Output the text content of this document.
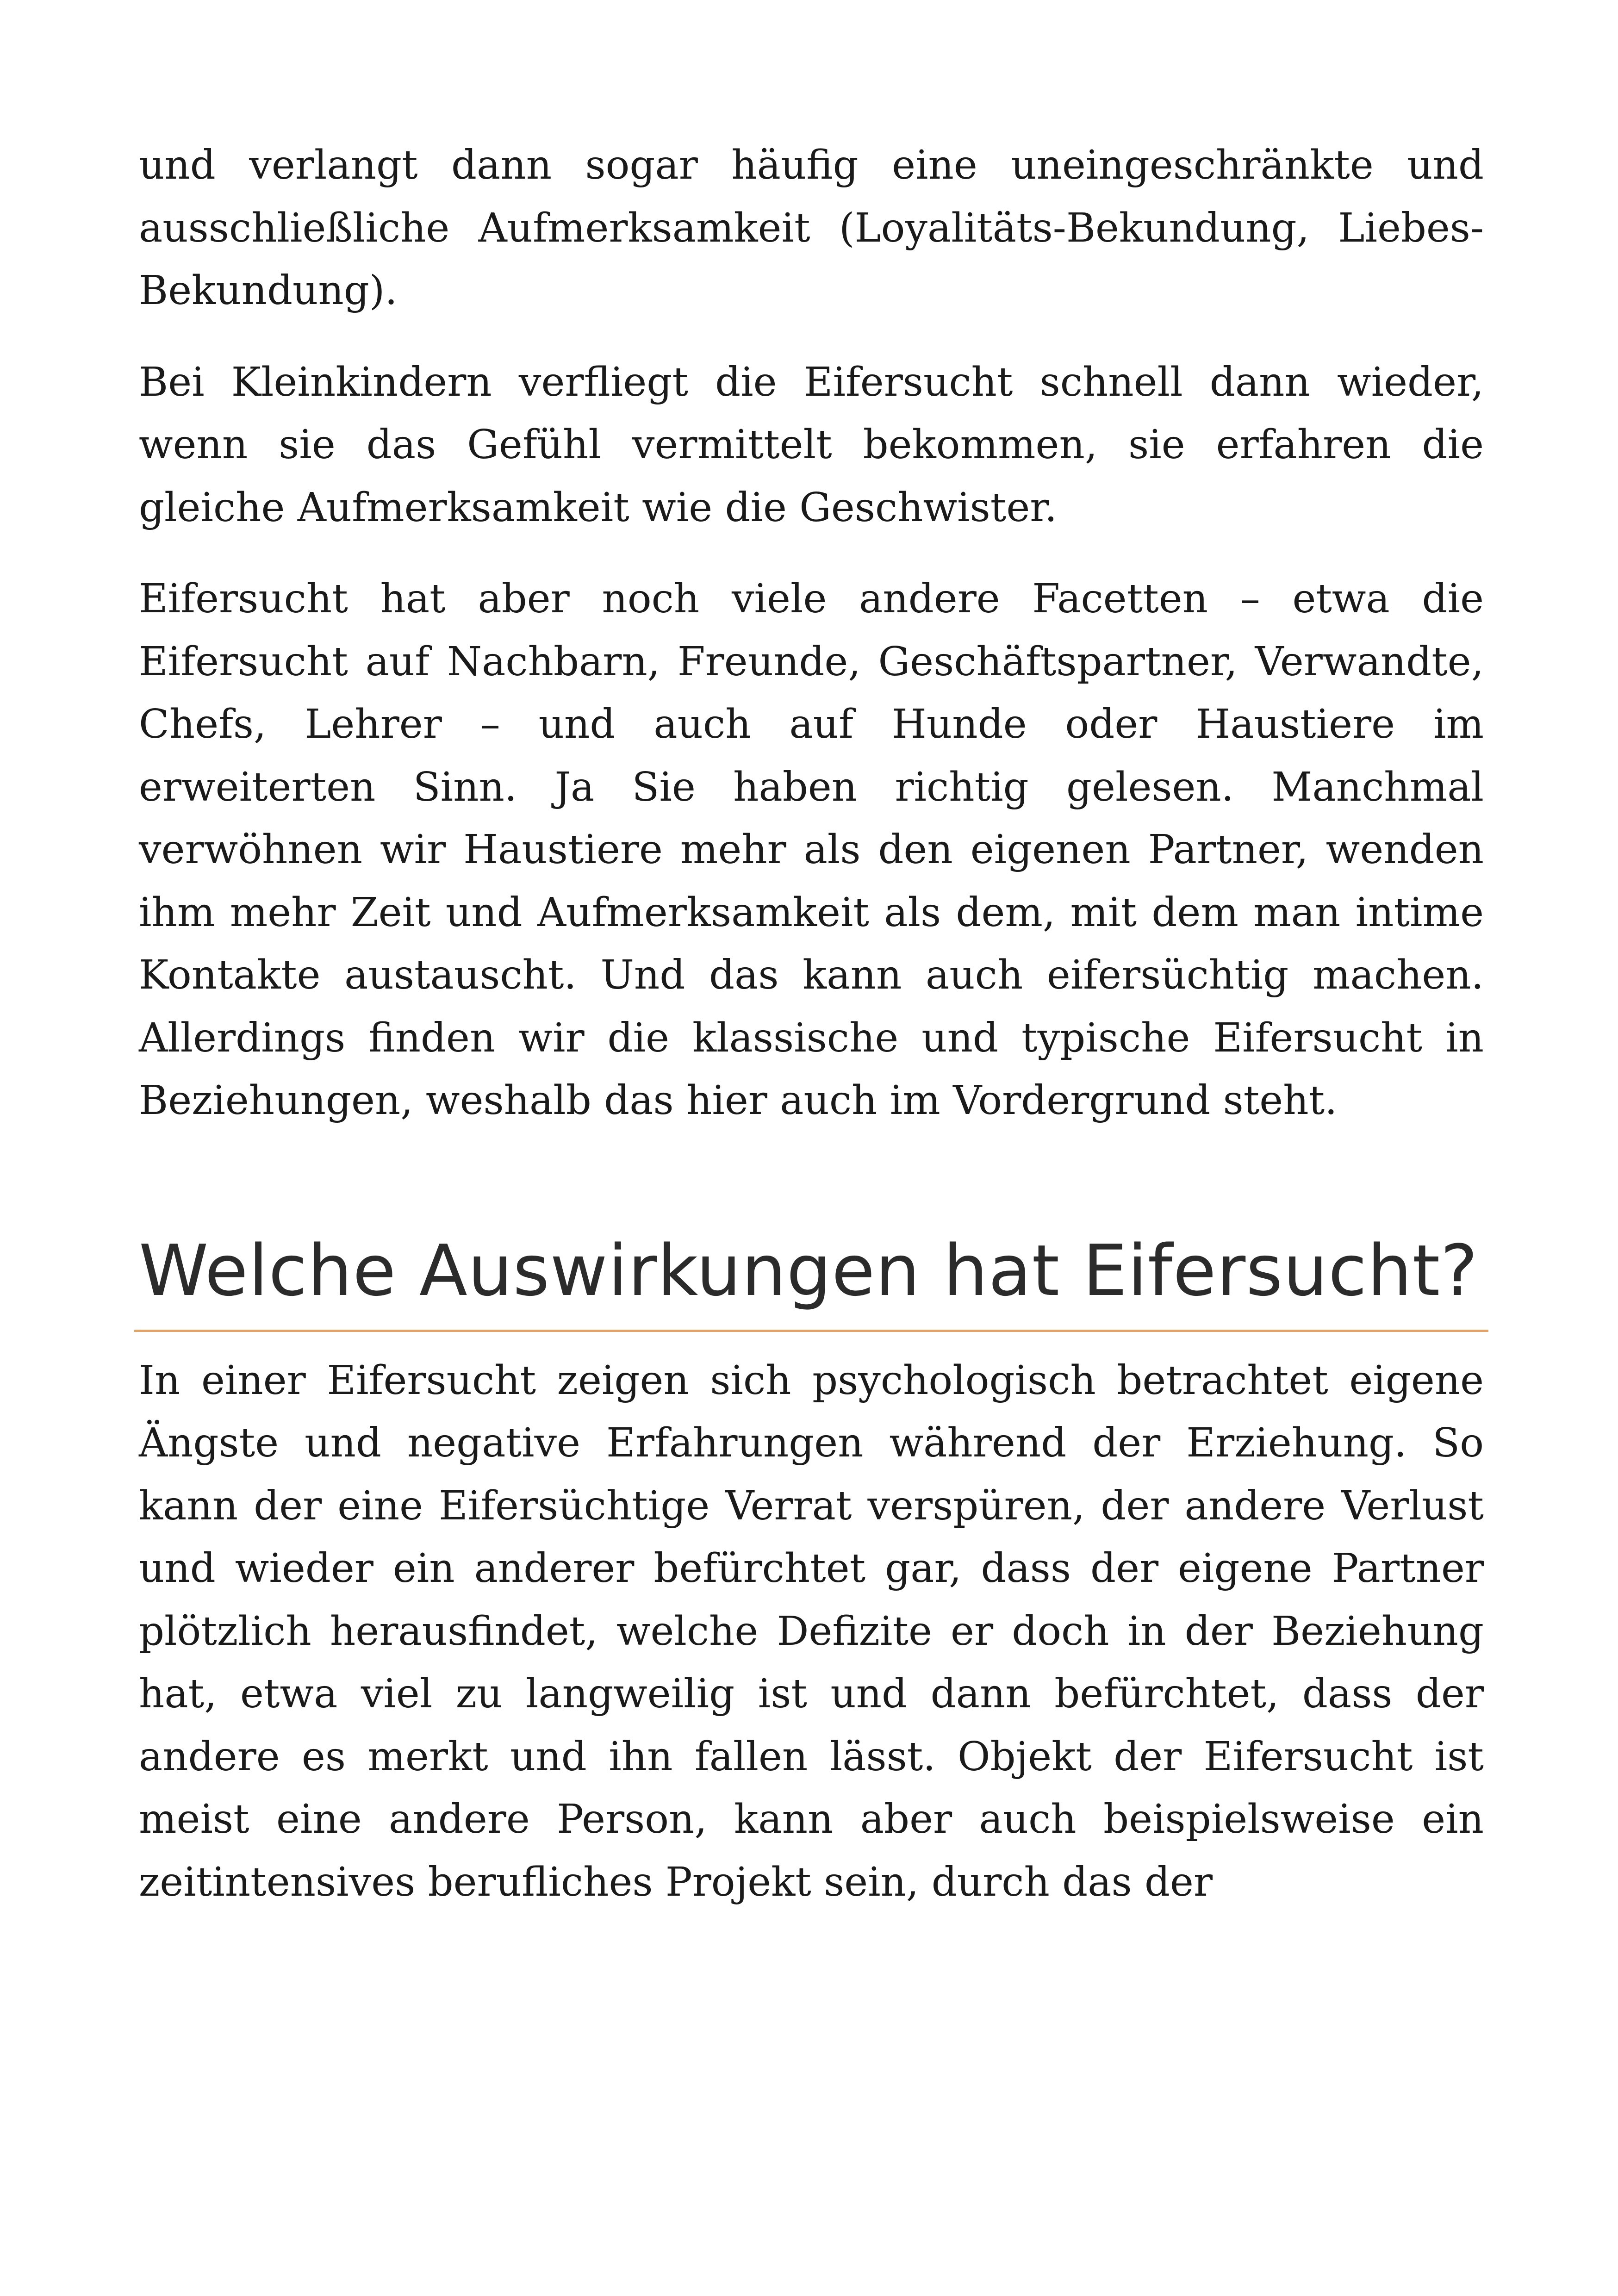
und verlangt dann sogar häufig eine uneingeschränkte und ausschließliche Aufmerksamkeit (Loyalitäts-Bekundung, Liebes-Bekundung).

Bei Kleinkindern verfliegt die Eifersucht schnell dann wieder, wenn sie das Gefühl vermittelt bekommen, sie erfahren die gleiche Aufmerksamkeit wie die Geschwister.

Eifersucht hat aber noch viele andere Facetten – etwa die Eifersucht auf Nachbarn, Freunde, Geschäftspartner, Verwandte, Chefs, Lehrer – und auch auf Hunde oder Haustiere im erweiterten Sinn. Ja Sie haben richtig gelesen. Manchmal verwöhnen wir Haustiere mehr als den eigenen Partner, wenden ihm mehr Zeit und Aufmerksamkeit als dem, mit dem man intime Kontakte austauscht. Und das kann auch eifersüchtig machen. Allerdings finden wir die klassische und typische Eifersucht in Beziehungen, weshalb das hier auch im Vordergrund steht.

Welche Auswirkungen hat Eifersucht?

In einer Eifersucht zeigen sich psychologisch betrachtet eigene Ängste und negative Erfahrungen während der Erziehung. So kann der eine Eifersüchtige Verrat verspüren, der andere Verlust und wieder ein anderer befürchtet gar, dass der eigene Partner plötzlich herausfindet, welche Defizite er doch in der Beziehung hat, etwa viel zu langweilig ist und dann befürchtet, dass der andere es merkt und ihn fallen lässt. Objekt der Eifersucht ist meist eine andere Person, kann aber auch beispielsweise ein zeitintensives berufliches Projekt sein, durch das der
